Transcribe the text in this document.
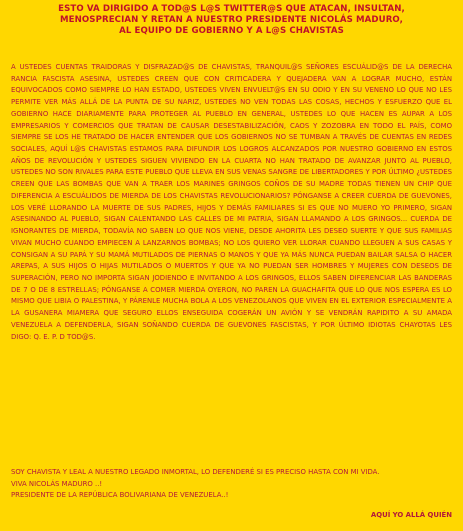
ESTO VA DIRIGIDO A TOD@S L@S TWITTER@S QUE ATACAN, INSULTAN,
MENOSPRECIAN Y RETAN A NUESTRO PRESIDENTE NICOLÁS MADURO,
AL EQUIPO DE GOBIERNO Y A L@S CHAVISTAS

A USTEDES CUENTAS TRAIDORAS Y DISFRAZAD@S DE CHAVISTAS, TRANQUIL@S SEÑORES ESCUÁLID@S DE LA DERECHA RANCIA FASCISTA ASESINA, USTEDES CREEN QUE CON CRITICADERA Y QUEJADERA VAN A LOGRAR MUCHO, ESTÁN EQUIVOCADOS COMO SIEMPRE LO HAN ESTADO, USTEDES VIVEN ENVUELT@S EN SU ODIO Y EN SU VENENO LO QUE NO LES PERMITE VER MÁS ALLÁ DE LA PUNTA DE SU NARIZ, USTEDES NO VEN TODAS LAS COSAS, HECHOS Y ESFUERZO QUE EL GOBIERNO HACE DIARIAMENTE PARA PROTEGER AL PUEBLO EN GENERAL, USTEDES LO QUE HACEN ES AUPAR A LOS EMPRESARIOS Y COMERCIOS QUE TRATAN DE CAUSAR DESESTABILIZACIÓN, CAOS Y ZOZOBRA EN TODO EL PAÍS, COMO SIEMPRE SE LOS HE TRATADO DE HACER ENTENDER QUE LOS GOBIERNOS NO SE TUMBAN A TRAVÉS DE CUENTAS EN REDES SOCIALES, AQUÍ L@S CHAVISTAS ESTAMOS PARA DIFUNDIR LOS LOGROS ALCANZADOS POR NUESTRO GOBIERNO EN ESTOS AÑOS DE REVOLUCIÓN Y USTEDES SIGUEN VIVIENDO EN LA CUARTA NO HAN TRATADO DE AVANZAR JUNTO AL PUEBLO, USTEDES NO SON RIVALES PARA ESTE PUEBLO QUE LLEVA EN SUS VENAS SANGRE DE LIBERTADORES Y POR ÚLTIMO ¿USTEDES CREEN QUE LAS BOMBAS QUE VAN A TRAER LOS MARINES GRINGOS COÑOS DE SU MADRE TODAS TIENEN UN CHIP QUE DIFERENCIA A ESCUÁLIDOS DE MIERDA DE LOS CHAVISTAS REVOLUCIONARIOS? PÓNGANSE A CREER CUERDA DE GUEVONES, LOS VERÉ LLORANDO LA MUERTE DE SUS PADRES, HIJOS Y DEMÁS FAMILIARES SI ES QUE NO MUERO YO PRIMERO, SIGAN ASESINANDO AL PUEBLO, SIGAN CALENTANDO LAS CALLES DE MI PATRIA, SIGAN LLAMANDO A LOS GRINGOS... CUERDA DE IGNORANTES DE MIERDA, TODAVÍA NO SABEN LO QUE NOS VIENE, DESDE AHORITA LES DESEO SUERTE Y QUE SUS FAMILIAS VIVAN MUCHO CUANDO EMPIECEN A LANZARNOS BOMBAS; NO LOS QUIERO VER LLORAR CUANDO LLEGUEN A SUS CASAS Y CONSIGAN A SU PAPÁ Y SU MAMÁ MUTILADOS DE PIERNAS O MANOS Y QUE YA MÁS NUNCA PUEDAN BAILAR SALSA O HACER AREPAS, A SUS HIJOS O HIJAS MUTILADOS O MUERTOS Y QUE YA NO PUEDAN SER HOMBRES Y MUJERES CON DESEOS DE SUPERACIÓN, PERO NO IMPORTA SIGAN JODIENDO E INVITANDO A LOS GRINGOS, ELLOS SABEN DIFERENCIAR LAS BANDERAS DE 7 O DE 8 ESTRELLAS; PÓNGANSE A COMER MIERDA OYERON, NO PAREN LA GUACHAFITA QUE LO QUE NOS ESPERA ES LO MISMO QUE LIBIA O PALESTINA, Y PÁRENLE MUCHA BOLA A LOS VENEZOLANOS QUE VIVEN EN EL EXTERIOR ESPECIALMENTE A LA GUSANERA MIAMERA QUE SEGURO ELLOS ENSEGUIDA COGERÁN UN AVIÓN Y SE VENDRÁN RAPIDITO A SU AMADA VENEZUELA A DEFENDERLA, SIGAN SOÑANDO CUERDA DE GUEVONES FASCISTAS, Y POR ÚLTIMO IDIOTAS CHAYOTAS LES DIGO: Q. E. P. D TOD@S.

SOY CHAVISTA Y LEAL A NUESTRO LEGADO INMORTAL, LO DEFENDERÉ SI ES PRECISO HASTA CON MI VIDA.
VIVA NICOLÁS MADURO ..!
PRESIDENTE DE LA REPÚBLICA BOLIVARIANA DE VENEZUELA..!
AQUÍ YO ALLÁ QUIÉN
